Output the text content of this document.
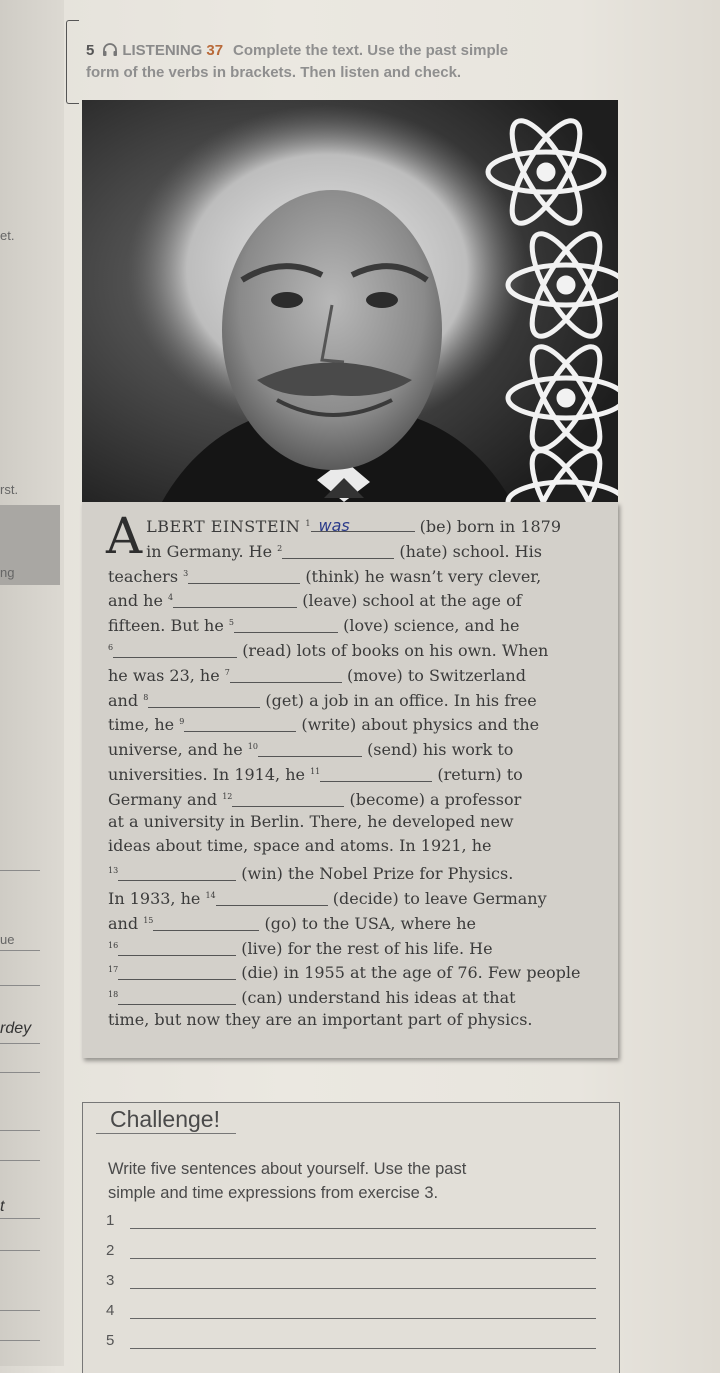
et.
rst.
ng
ue
rdey
t
5 LISTENING 37 Complete the text. Use the past simple
form of the verbs in brackets. Then listen and check.
A LBERT EINSTEIN $^1$ was	(be) born in 1879
in Germany. He $^2$	(hate) school. His
teachers $^3$	(think) he wasn’t very clever,
and he $^4$	(leave) school at the age of
fifteen. But he $^5$	(love) science, and he
$^6$	(read) lots of books on his own. When
he was 23, he $^7$	(move) to Switzerland
and $^8$	(get) a job in an office. In his free
time, he $^9$	(write) about physics and the
universe, and he $^{10}$	(send) his work to
universities. In 1914, he $^{11}$	(return) to
Germany and $^{12}$	(become) a professor
at a university in Berlin. There, he developed new
ideas about time, space and atoms. In 1921, he
$^{13}$	(win) the Nobel Prize for Physics.
In 1933, he $^{14}$	(decide) to leave Germany
and $^{15}$	(go) to the USA, where he
$^{16}$	(live) for the rest of his life. He
$^{17}$	(die) in 1955 at the age of 76. Few people
$^{18}$	(can) understand his ideas at that
time, but now they are an important part of physics.
Challenge!
Write five sentences about yourself. Use the past
simple and time expressions from exercise 3.
1
2
3
4
5
